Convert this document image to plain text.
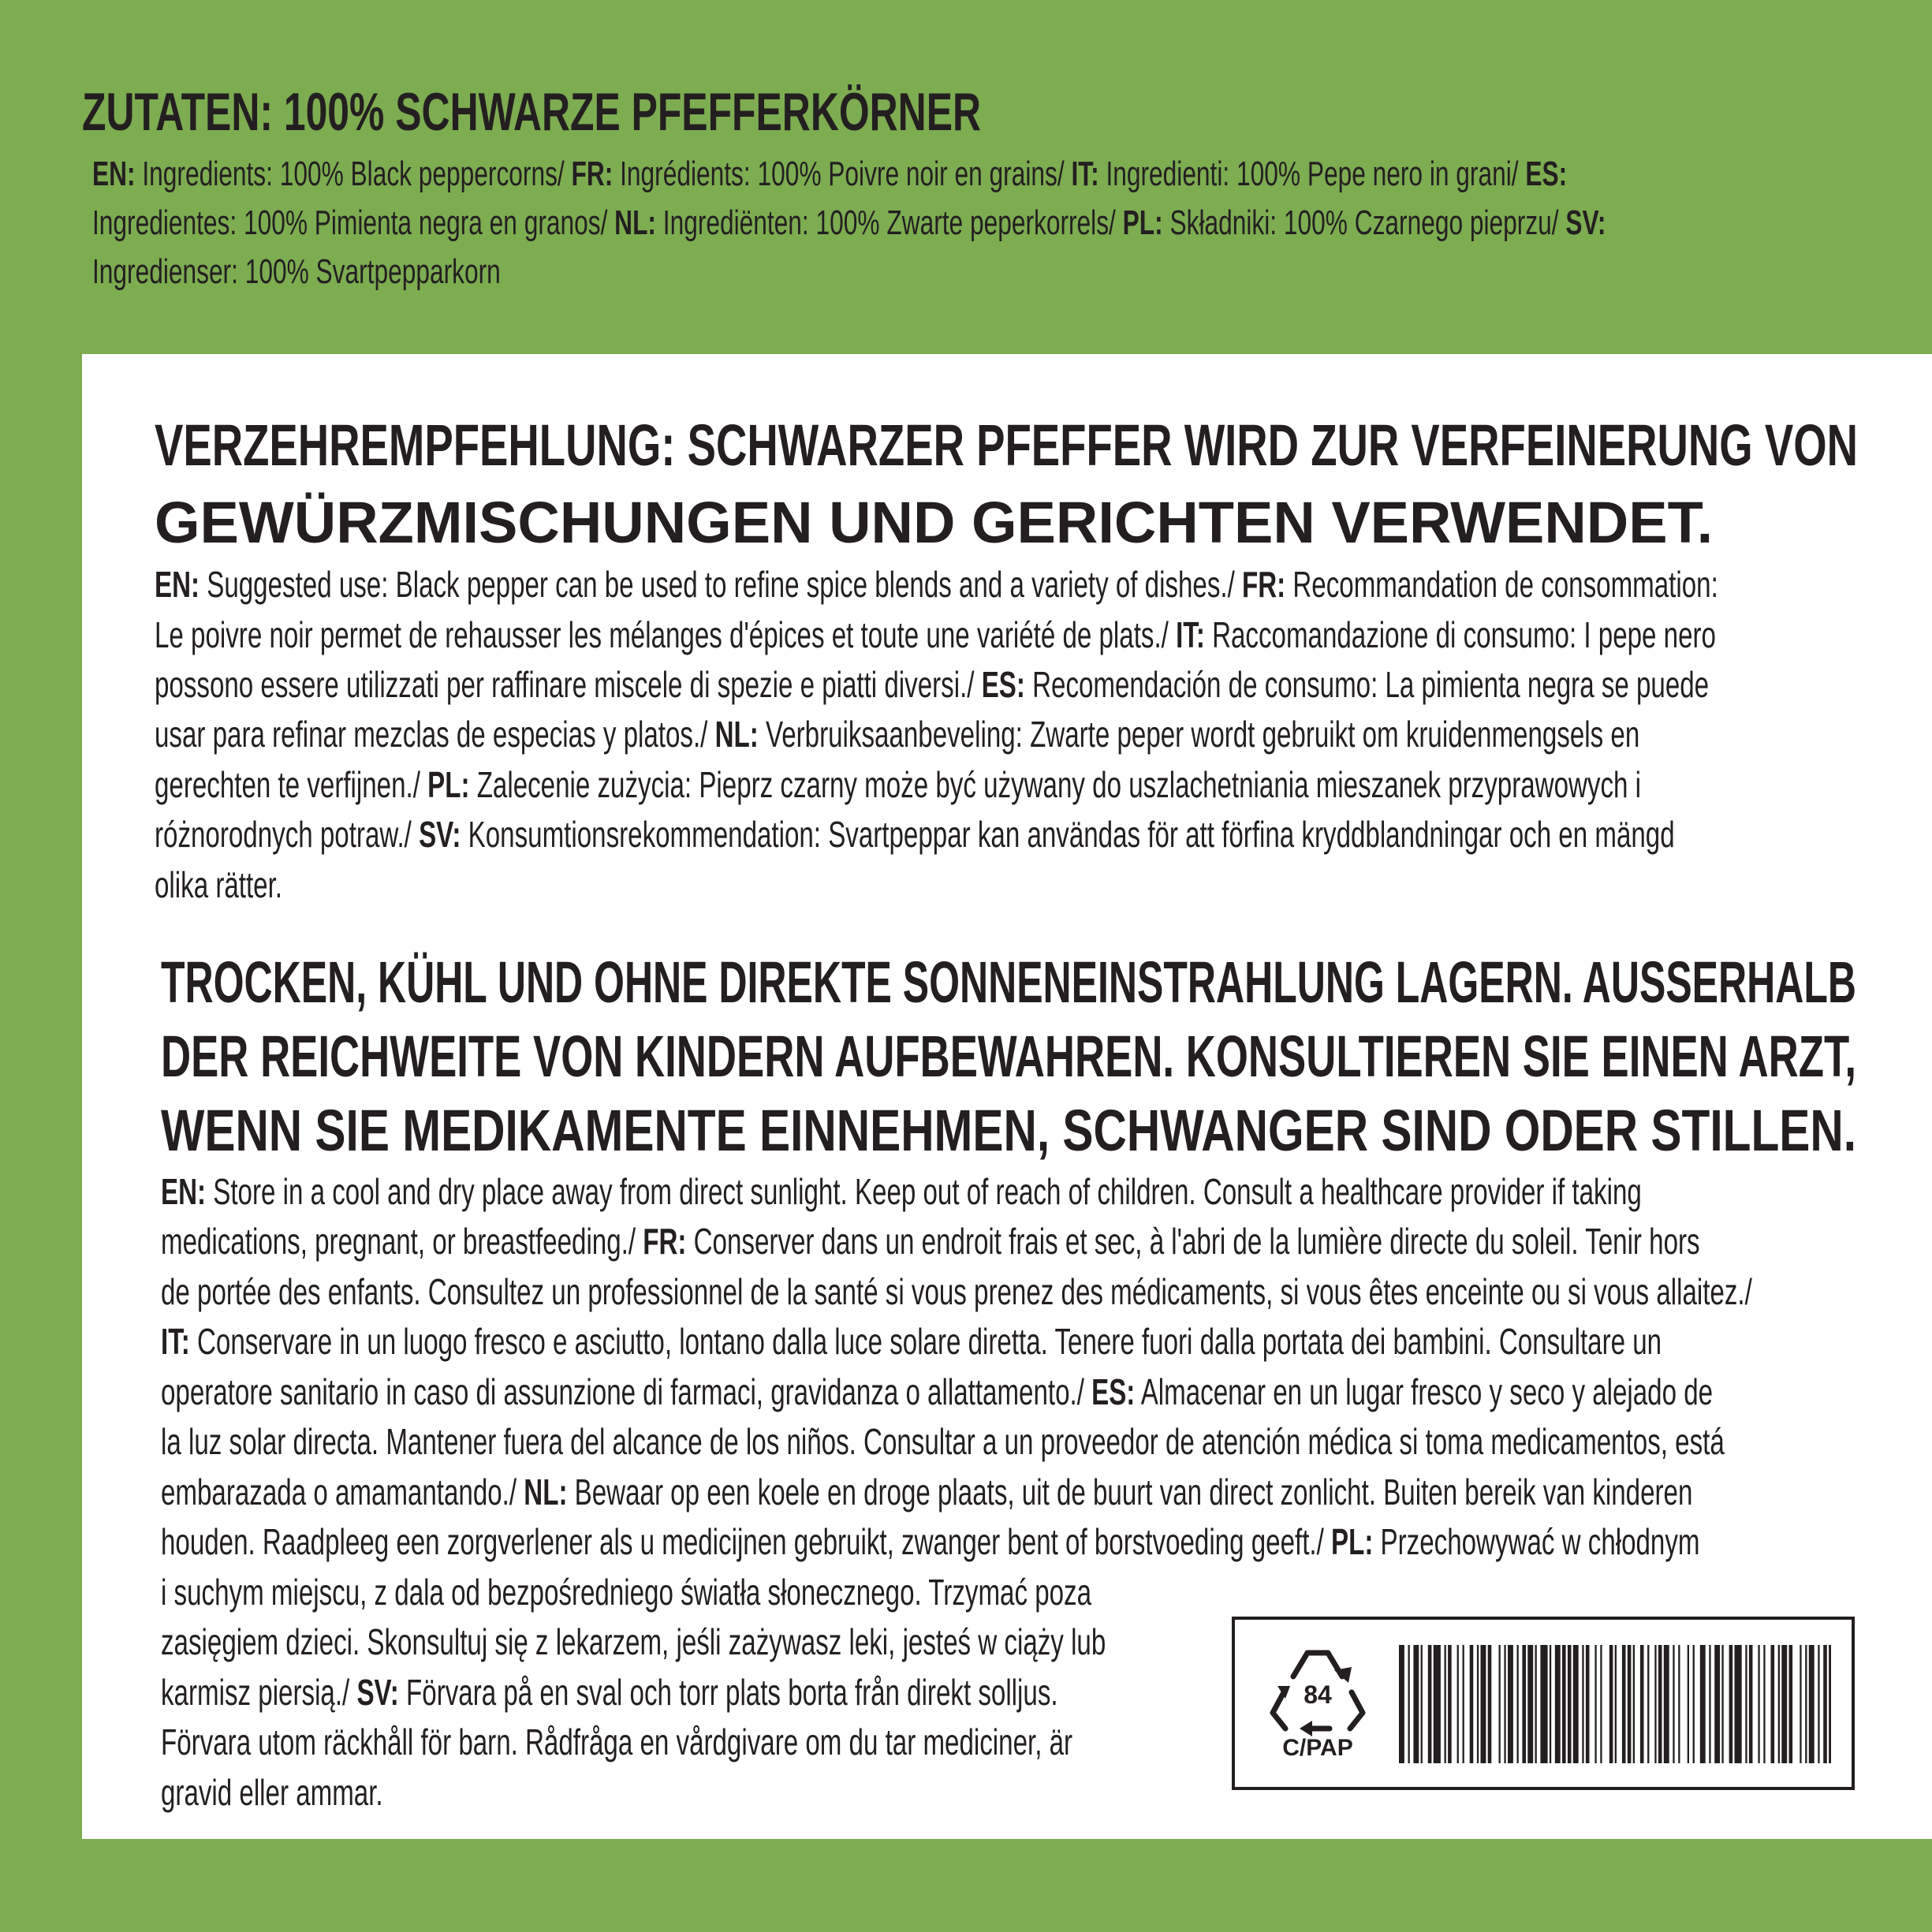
ZUTATEN: 100% SCHWARZE PFEFFERKÖRNER
EN: Ingredients: 100% Black peppercorns/ FR: Ingrédients: 100% Poivre noir en grains/ IT: Ingredienti: 100% Pepe nero in grani/ ES:
Ingredientes: 100% Pimienta negra en granos/ NL: Ingrediënten: 100% Zwarte peperkorrels/ PL: Składniki: 100% Czarnego pieprzu/ SV:
Ingredienser: 100% Svartpepparkorn
VERZEHREMPFEHLUNG: SCHWARZER PFEFFER WIRD ZUR VERFEINERUNG VON
GEWÜRZMISCHUNGEN UND GERICHTEN VERWENDET.
EN: Suggested use: Black pepper can be used to refine spice blends and a variety of dishes./ FR: Recommandation de consommation:
Le poivre noir permet de rehausser les mélanges d'épices et toute une variété de plats./ IT: Raccomandazione di consumo: I pepe nero
possono essere utilizzati per raffinare miscele di spezie e piatti diversi./ ES: Recomendación de consumo: La pimienta negra se puede
usar para refinar mezclas de especias y platos./ NL: Verbruiksaanbeveling: Zwarte peper wordt gebruikt om kruidenmengsels en
gerechten te verfijnen./ PL: Zalecenie zużycia: Pieprz czarny może być używany do uszlachetniania mieszanek przyprawowych i
różnorodnych potraw./ SV: Konsumtionsrekommendation: Svartpeppar kan användas för att förfina kryddblandningar och en mängd
olika rätter.
TROCKEN, KÜHL UND OHNE DIREKTE SONNENEINSTRAHLUNG LAGERN. AUSSERHALB
DER REICHWEITE VON KINDERN AUFBEWAHREN. KONSULTIEREN SIE EINEN ARZT,
WENN SIE MEDIKAMENTE EINNEHMEN, SCHWANGER SIND ODER STILLEN.
EN: Store in a cool and dry place away from direct sunlight. Keep out of reach of children. Consult a healthcare provider if taking
medications, pregnant, or breastfeeding./ FR: Conserver dans un endroit frais et sec, à l'abri de la lumière directe du soleil. Tenir hors
de portée des enfants. Consultez un professionnel de la santé si vous prenez des médicaments, si vous êtes enceinte ou si vous allaitez./
IT: Conservare in un luogo fresco e asciutto, lontano dalla luce solare diretta. Tenere fuori dalla portata dei bambini. Consultare un
operatore sanitario in caso di assunzione di farmaci, gravidanza o allattamento./ ES: Almacenar en un lugar fresco y seco y alejado de
la luz solar directa. Mantener fuera del alcance de los niños. Consultar a un proveedor de atención médica si toma medicamentos, está
embarazada o amamantando./ NL: Bewaar op een koele en droge plaats, uit de buurt van direct zonlicht. Buiten bereik van kinderen
houden. Raadpleeg een zorgverlener als u medicijnen gebruikt, zwanger bent of borstvoeding geeft./ PL: Przechowywać w chłodnym
i suchym miejscu, z dala od bezpośredniego światła słonecznego. Trzymać poza
zasięgiem dzieci. Skonsultuj się z lekarzem, jeśli zażywasz leki, jesteś w ciąży lub
karmisz piersią./ SV: Förvara på en sval och torr plats borta från direkt solljus.
Förvara utom räckhåll för barn. Rådfråga en vårdgivare om du tar mediciner, är
gravid eller ammar.
84
C/PAP
